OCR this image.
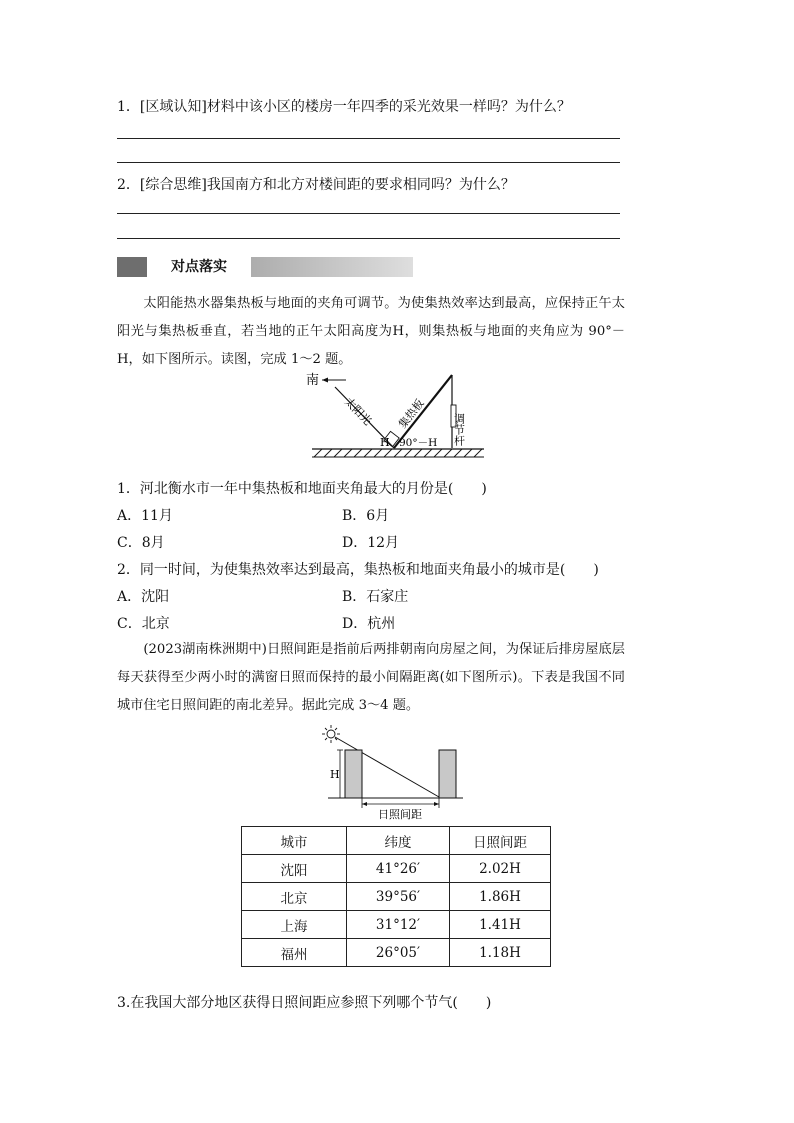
1．[区域认知]材料中该小区的楼房一年四季的采光效果一样吗？为什么？
2．[综合思维]我国南方和北方对楼间距的要求相同吗？为什么？
对点落实
太阳能热水器集热板与地面的夹角可调节。为使集热效率达到最高，应保持正午太阳光与集热板垂直，若当地的正午太阳高度为H，则集热板与地面的夹角应为 90°－H，如下图所示。读图，完成 1～2 题。
南
太阳光 集热板 调节杆
H 90°－H
1．河北衡水市一年中集热板和地面夹角最大的月份是(　　)
A．11月	B．6月
C．8月	D．12月
2．同一时间，为使集热效率达到最高，集热板和地面夹角最小的城市是(　　)
A．沈阳	B．石家庄
C．北京	D．杭州
(2023湖南株洲期中)日照间距是指前后两排朝南向房屋之间，为保证后排房屋底层每天获得至少两小时的满窗日照而保持的最小间隔距离(如下图所示)。下表是我国不同城市住宅日照间距的南北差异。据此完成 3～4 题。
H
日照间距
城市	纬度	日照间距
沈阳	41°26′	2.02H
北京	39°56′	1.86H
上海	31°12′	1.41H
福州	26°05′	1.18H
3.在我国大部分地区获得日照间距应参照下列哪个节气(　　)
